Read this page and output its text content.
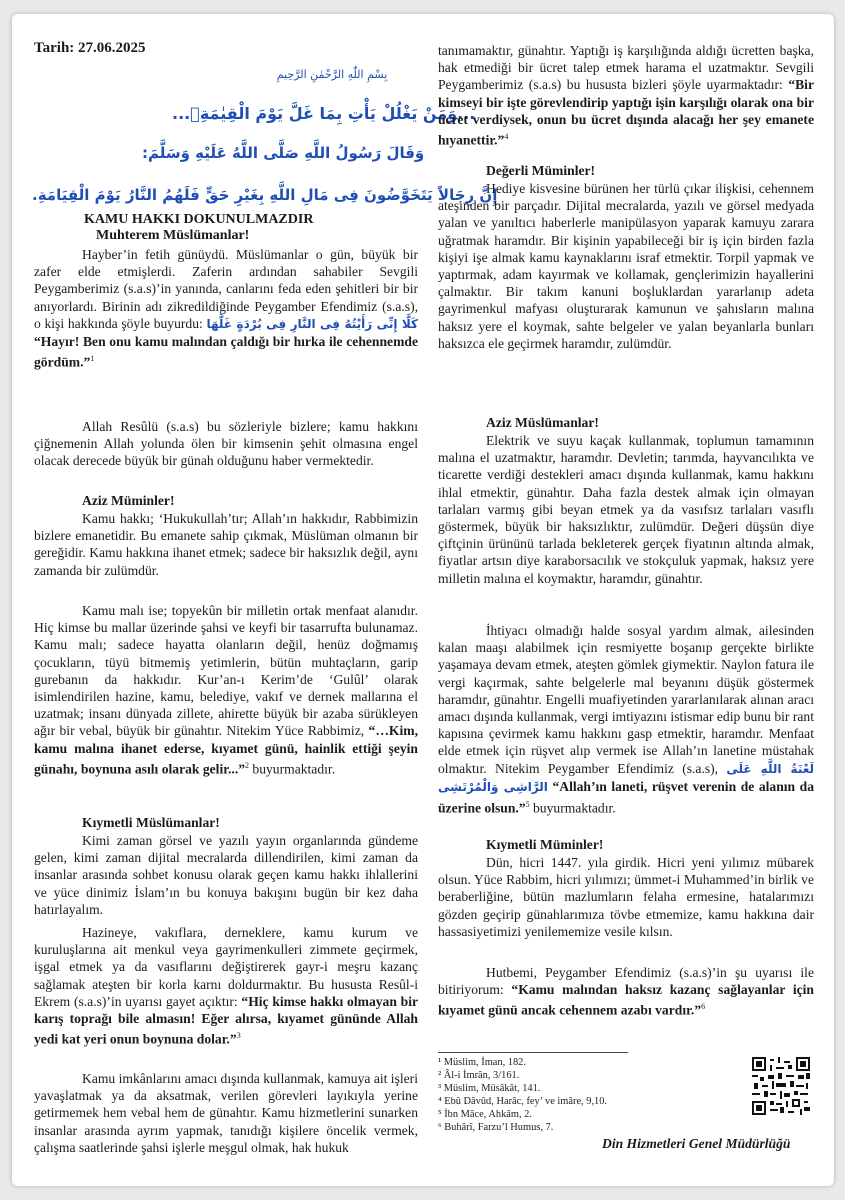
Tarih: 27.06.2025
بِسْمِ اللّٰهِ الرَّحْمٰنِ الرَّحِيمِ
...وَمَنْ يَغْلُلْ يَأْتِ بِمَا غَلَّ يَوْمَ الْقِيٰمَةِۚ...
وَقَالَ رَسُولُ اللَّهِ صَلَّى اللَّهُ عَلَيْهِ وَسَلَّمَ:
إِنَّ رِجَالاً يَتَخَوَّضُونَ فِى مَالِ اللَّهِ بِغَيْرِ حَقٍّ فَلَهُمُ النَّارُ يَوْمَ الْقِيَامَةِ.
KAMU HAKKI DOKUNULMAZDIR
Muhterem Müslümanlar!

Hayber’in fetih günüydü. Müslümanlar o gün, büyük bir zafer elde etmişlerdi. Zaferin ardından sahabiler Sevgili Peygamberimiz (s.a.s)’in yanında, canlarını feda eden şehitleri bir bir anıyorlardı. Birinin adı zikredildiğinde Peygamber Efendimiz (s.a.s), o kişi hakkında şöyle buyurdu: كَلَّا إِنِّى رَأَيْتُهُ فِى النَّارِ فِى بُرْدَةٍ غَلَّهَا “Hayır! Ben onu kamu malından çaldığı bir hırka ile cehennemde gördüm.”$^1$

Allah Resûlü (s.a.s) bu sözleriyle bizlere; kamu hakkını çiğnemenin Allah yolunda ölen bir kimsenin şehit olmasına engel olacak derecede büyük bir günah olduğunu haber vermektedir.

Aziz Müminler!

Kamu hakkı; ‘Hukukullah’tır; Allah’ın hakkıdır, Rabbimizin bizlere emanetidir. Bu emanete sahip çıkmak, Müslüman olmanın bir gereğidir. Kamu hakkına ihanet etmek; sadece bir haksızlık değil, aynı zamanda bir zulümdür.

Kamu malı ise; topyekûn bir milletin ortak menfaat alanıdır. Hiç kimse bu mallar üzerinde şahsi ve keyfi bir tasarrufta bulunamaz. Kamu malı; sadece hayatta olanların değil, henüz doğmamış çocukların, tüyü bitmemiş yetimlerin, bütün muhtaçların, garip gurebanın da hakkıdır. Kur’an-ı Kerim’de ‘Gulûl’ olarak isimlendirilen hazine, kamu, belediye, vakıf ve dernek mallarına el uzatmak; insanı dünyada zillete, ahirette büyük bir azaba sürükleyen ağır bir vebal, büyük bir günahtır. Nitekim Yüce Rabbimiz, “…Kim, kamu malına ihanet ederse, kıyamet günü, hainlik ettiği şeyin günahı, boynuna asılı olarak gelir...”$^2$ buyurmaktadır.

Kıymetli Müslümanlar!

Kimi zaman görsel ve yazılı yayın organlarında gündeme gelen, kimi zaman dijital mecralarda dillendirilen, kimi zaman da insanlar arasında sohbet konusu olarak geçen kamu hakkı ihlallerini ve yüce dinimiz İslam’ın bu konuya bakışını bugün bir kez daha hatırlayalım.

Hazineye, vakıflara, derneklere, kamu kurum ve kuruluşlarına ait menkul veya gayrimenkulleri zimmete geçirmek, işgal etmek ya da vasıflarını değiştirerek gayr-i meşru kazanç sağlamak ateşten bir korla karnı doldurmaktır. Bu hususta Resûl-i Ekrem (s.a.s)’in uyarısı gayet açıktır: “Hiç kimse hakkı olmayan bir karış toprağı bile almasın! Eğer alırsa, kıyamet gününde Allah yedi kat yeri onun boynuna dolar.”$^3$

Kamu imkânlarını amacı dışında kullanmak, kamuya ait işleri yavaşlatmak ya da aksatmak, verilen görevleri layıkıyla yerine getirmemek hem vebal hem de günahtır. Kamu hizmetlerini sunarken insanlar arasında ayrım yapmak, tanıdığı kişilere öncelik vermek, çalışma saatlerinde şahsi işlerle meşgul olmak, hak hukuk

tanımamaktır, günahtır. Yaptığı iş karşılığında aldığı ücretten başka, hak etmediği bir ücret talep etmek harama el uzatmaktır. Sevgili Peygamberimiz (s.a.s) bu hususta bizleri şöyle uyarmaktadır: “Bir kimseyi bir işte görevlendirip yaptığı işin karşılığı olarak ona bir ücret verdiysek, onun bu ücret dışında alacağı her şey emanete hıyanettir.”$^4$

Değerli Müminler!

Hediye kisvesine bürünen her türlü çıkar ilişkisi, cehennem ateşinden bir parçadır. Dijital mecralarda, yazılı ve görsel medyada yalan ve yanıltıcı haberlerle manipülasyon yaparak kamuyu zarara uğratmak haramdır. Bir kişinin yapabileceği bir iş için birden fazla kişiyi işe almak kamu kaynaklarını israf etmektir. Torpil yapmak ve yaptırmak, adam kayırmak ve kollamak, gençlerimizin hayallerini çalmaktır. Bir takım kanuni boşluklardan yararlanıp adeta gayrimenkul mafyası oluşturarak kamunun ve şahısların malına haksız yere el koymak, sahte belgeler ve yalan beyanlarla bunları haksızca ele geçirmek haramdır, zulümdür.

Aziz Müslümanlar!

Elektrik ve suyu kaçak kullanmak, toplumun tamamının malına el uzatmaktır, haramdır. Devletin; tarımda, hayvancılıkta ve ticarette verdiği destekleri amacı dışında kullanmak, kamu hakkını ihlal etmektir, günahtır. Daha fazla destek almak için olmayan tarlaları varmış gibi beyan etmek ya da vasıfsız tarlaları vasıflı göstermek, büyük bir haksızlıktır, zulümdür. Değeri düşsün diye çiftçinin ürününü tarlada bekleterek gerçek fiyatının altında almak, fiyatlar artsın diye karaborsacılık ve stokçuluk yapmak, haksız yere milletin malına el koymaktır, haramdır, günahtır.

İhtiyacı olmadığı halde sosyal yardım almak, ailesinden kalan maaşı alabilmek için resmiyette boşanıp gerçekte birlikte yaşamaya devam etmek, ateşten gömlek giymektir. Naylon fatura ile vergi kaçırmak, sahte belgelerle mal beyanını düşük göstermek haramdır, günahtır. Engelli muafiyetinden yararlanılarak alınan aracı amacı dışında kullanmak, vergi imtiyazını istismar edip bunu bir rant kapısına çevirmek kamu hakkını gasp etmektir, haramdır. Menfaat elde etmek için rüşvet alıp vermek ise Allah’ın lanetine müstahak olmaktır. Nitekim Peygamber Efendimiz (s.a.s), لَعْنَةُ اللَّهِ عَلَى الرَّاشِى وَالْمُرْتَشِى “Allah’ın laneti, rüşvet verenin de alanın da üzerine olsun.”$^5$ buyurmaktadır.

Kıymetli Müminler!

Dün, hicri 1447. yıla girdik. Hicri yeni yılımız mübarek olsun. Yüce Rabbim, hicri yılımızı; ümmet-i Muhammed’in birlik ve beraberliğine, bütün mazlumların felaha ermesine, hatalarımızı gözden geçirip günahlarımıza tövbe etmemize, kamu hakkına dair hassasiyetimizi yenilememize vesile kılsın.

Hutbemi, Peygamber Efendimiz (s.a.s)’in şu uyarısı ile bitiriyorum: “Kamu malından haksız kazanç sağlayanlar için kıyamet günü ancak cehennem azabı vardır.”$^6$

¹ Müslim, İman, 182.
² Âl-i İmrân, 3/161.
³ Müslim, Müsâkât, 141.
⁴ Ebû Dâvûd, Harâc, fey’ ve imâre, 9,10.
⁵ İbn Mâce, Ahkâm, 2.
⁶ Buhârî, Farzu’l Humus, 7.
Din Hizmetleri Genel Müdürlüğü
